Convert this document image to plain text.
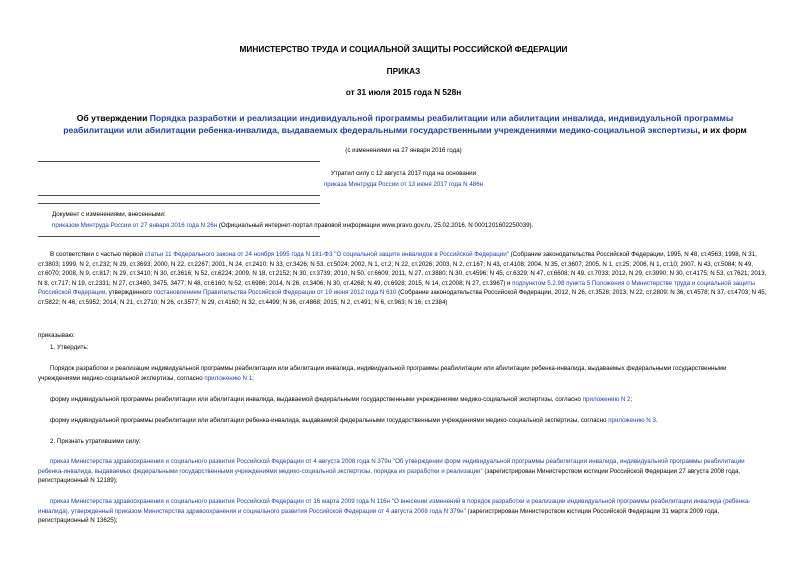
МИНИСТЕРСТВО ТРУДА И СОЦИАЛЬНОЙ ЗАЩИТЫ РОССИЙСКОЙ ФЕДЕРАЦИИ
ПРИКАЗ
от 31 июля 2015 года N 528н
Об утверждении Порядка разработки и реализации индивидуальной программы реабилитации или абилитации инвалида, индивидуальной программы реабилитации или абилитации ребенка-инвалида, выдаваемых федеральными государственными учреждениями медико-социальной экспертизы, и их форм
(с изменениями на 27 января 2016 года)
Утратил силу с 12 августа 2017 года на основании
приказа Минтруда России от 13 июня 2017 года N 486н
Документ с изменениями, внесенными:
приказом Минтруда России от 27 января 2016 года N 26н (Официальный интернет-портал правовой информации www.pravo.gov.ru, 25.02.2016, N 0001201602250039).

В соответствии с частью первой статьи 11 Федерального закона от 24 ноября 1995 года N 181-ФЗ "О социальной защите инвалидов в Российской Федерации" (Собрание законодательства Российской Федерации, 1995, N 48, ст.4563; 1998, N 31, ст.3803; 1999, N 2, ст.232; N 29, ст.3693; 2000, N 22, ст.2267; 2001, N 24, ст.2410; N 33, ст.3426; N 53, ст.5024; 2002, N 1, ст.2; N 22, ст.2026; 2003, N 2, ст.167; N 43, ст.4108; 2004, N 35, ст.3607; 2005, N 1, ст.25; 2006, N 1, ст.10; 2007, N 43, ст.5084; N 49, ст.6070; 2008, N 9, ст.817; N 29, ст.3410; N 30, ст.3616; N 52, ст.6224; 2009, N 18, ст.2152; N 30, ст.3739; 2010, N 50, ст.6609; 2011, N 27, ст.3880; N 30, ст.4596; N 45, ст.6329; N 47, ст.6608; N 49, ст.7033; 2012, N 29, ст.3990; N 30, ст.4175; N 53, ст.7621; 2013, N 8, ст.717; N 19, ст.2331; N 27, ст.3460, 3475, 3477; N 48, ст.6160; N 52, ст.6986; 2014, N 26, ст.3406; N 30, ст.4268; N 49, ст.6928; 2015, N 14, ст.2008; N 27, ст.3967) и подпунктом 5.2.98 пункта 5 Положения о Министерстве труда и социальной защиты Российской Федерации, утвержденного постановлением Правительства Российской Федерации от 19 июня 2012 года N 610 (Собрание законодательства Российской Федерации, 2012, N 26, ст.3528; 2013, N 22, ст.2809; N 36, ст.4578; N 37, ст.4703; N 45, ст.5822; N 46, ст.5952; 2014, N 21, ст.2710; N 26, ст.3577; N 29, ст.4160; N 32, ст.4499; N 36, ст.4868; 2015, N 2, ст.491; N 6, ст.963; N 16, ст.2384)

приказываю:
1. Утвердить:

Порядок разработки и реализации индивидуальной программы реабилитации или абилитации инвалида, индивидуальной программы реабилитации или абилитации ребенка-инвалида, выдаваемых федеральными государственными учреждениями медико-социальной экспертизы, согласно приложению N 1;

форму индивидуальной программы реабилитации или абилитации инвалида, выдаваемой федеральными государственными учреждениями медико-социальной экспертизы, согласно приложению N 2;

форму индивидуальной программы реабилитации или абилитации ребенка-инвалида, выдаваемой федеральными государственными учреждениями медико-социальной экспертизы, согласно приложению N 3.

2. Признать утратившими силу:

приказ Министерства здравоохранения и социального развития Российской Федерации от 4 августа 2008 года N 379н "Об утверждении форм индивидуальной программы реабилитации инвалида, индивидуальной программы реабилитации ребенка-инвалида, выдаваемых федеральными государственными учреждениями медико-социальной экспертизы, порядка их разработки и реализации" (зарегистрирован Министерством юстиции Российской Федерации 27 августа 2008 года, регистрационный N 12189);

приказ Министерства здравоохранения и социального развития Российской Федерации от 16 марта 2009 года N 116н "О внесении изменений в порядок разработки и реализации индивидуальной программы реабилитации инвалида (ребенка-инвалида), утвержденный приказом Министерства здравоохранения и социального развития Российской Федерации от 4 августа 2008 года N 379н" (зарегистрирован Министерством юстиции Российской Федерации 31 марта 2009 года, регистрационный N 13625);
